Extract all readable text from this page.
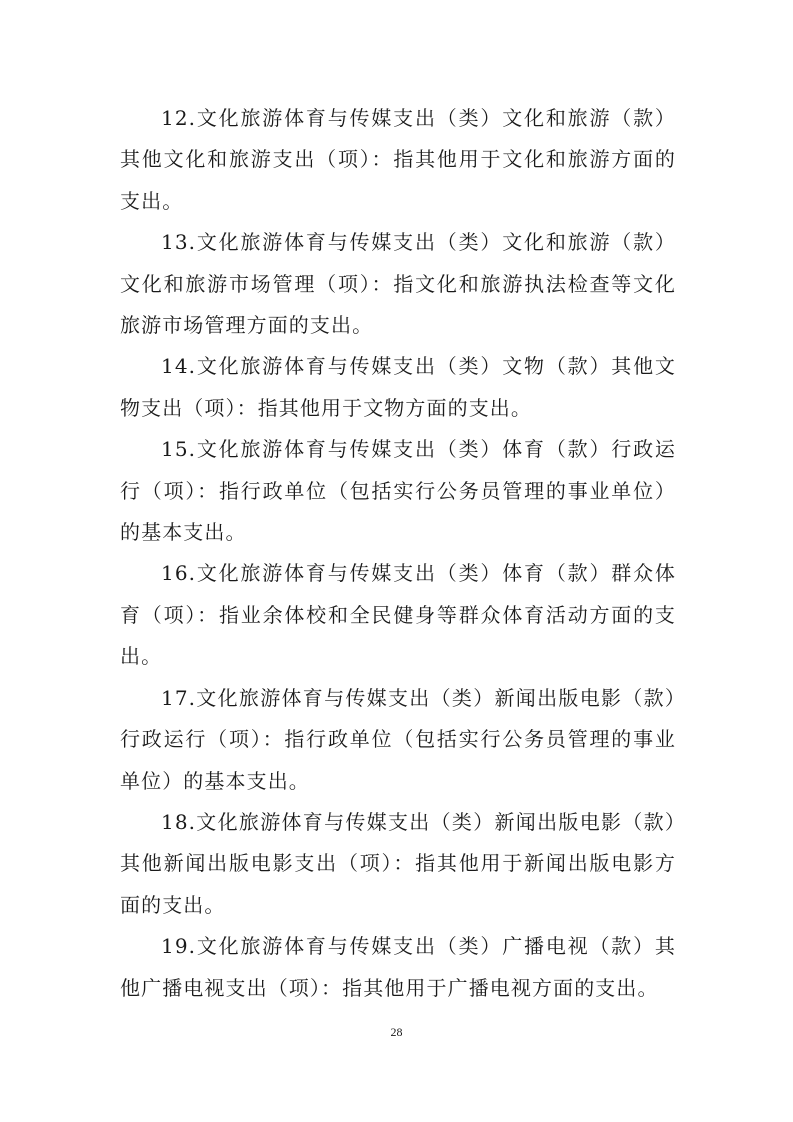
12.文化旅游体育与传媒支出（类）文化和旅游（款）其他文化和旅游支出（项）：指其他用于文化和旅游方面的支出。

13.文化旅游体育与传媒支出（类）文化和旅游（款）文化和旅游市场管理（项）：指文化和旅游执法检查等文化旅游市场管理方面的支出。

14.文化旅游体育与传媒支出（类）文物（款）其他文物支出（项）：指其他用于文物方面的支出。

15.文化旅游体育与传媒支出（类）体育（款）行政运行（项）：指行政单位（包括实行公务员管理的事业单位）的基本支出。

16.文化旅游体育与传媒支出（类）体育（款）群众体育（项）：指业余体校和全民健身等群众体育活动方面的支出。

17.文化旅游体育与传媒支出（类）新闻出版电影（款）行政运行（项）：指行政单位（包括实行公务员管理的事业单位）的基本支出。

18.文化旅游体育与传媒支出（类）新闻出版电影（款）其他新闻出版电影支出（项）：指其他用于新闻出版电影方面的支出。

19.文化旅游体育与传媒支出（类）广播电视（款）其他广播电视支出（项）：指其他用于广播电视方面的支出。

28
